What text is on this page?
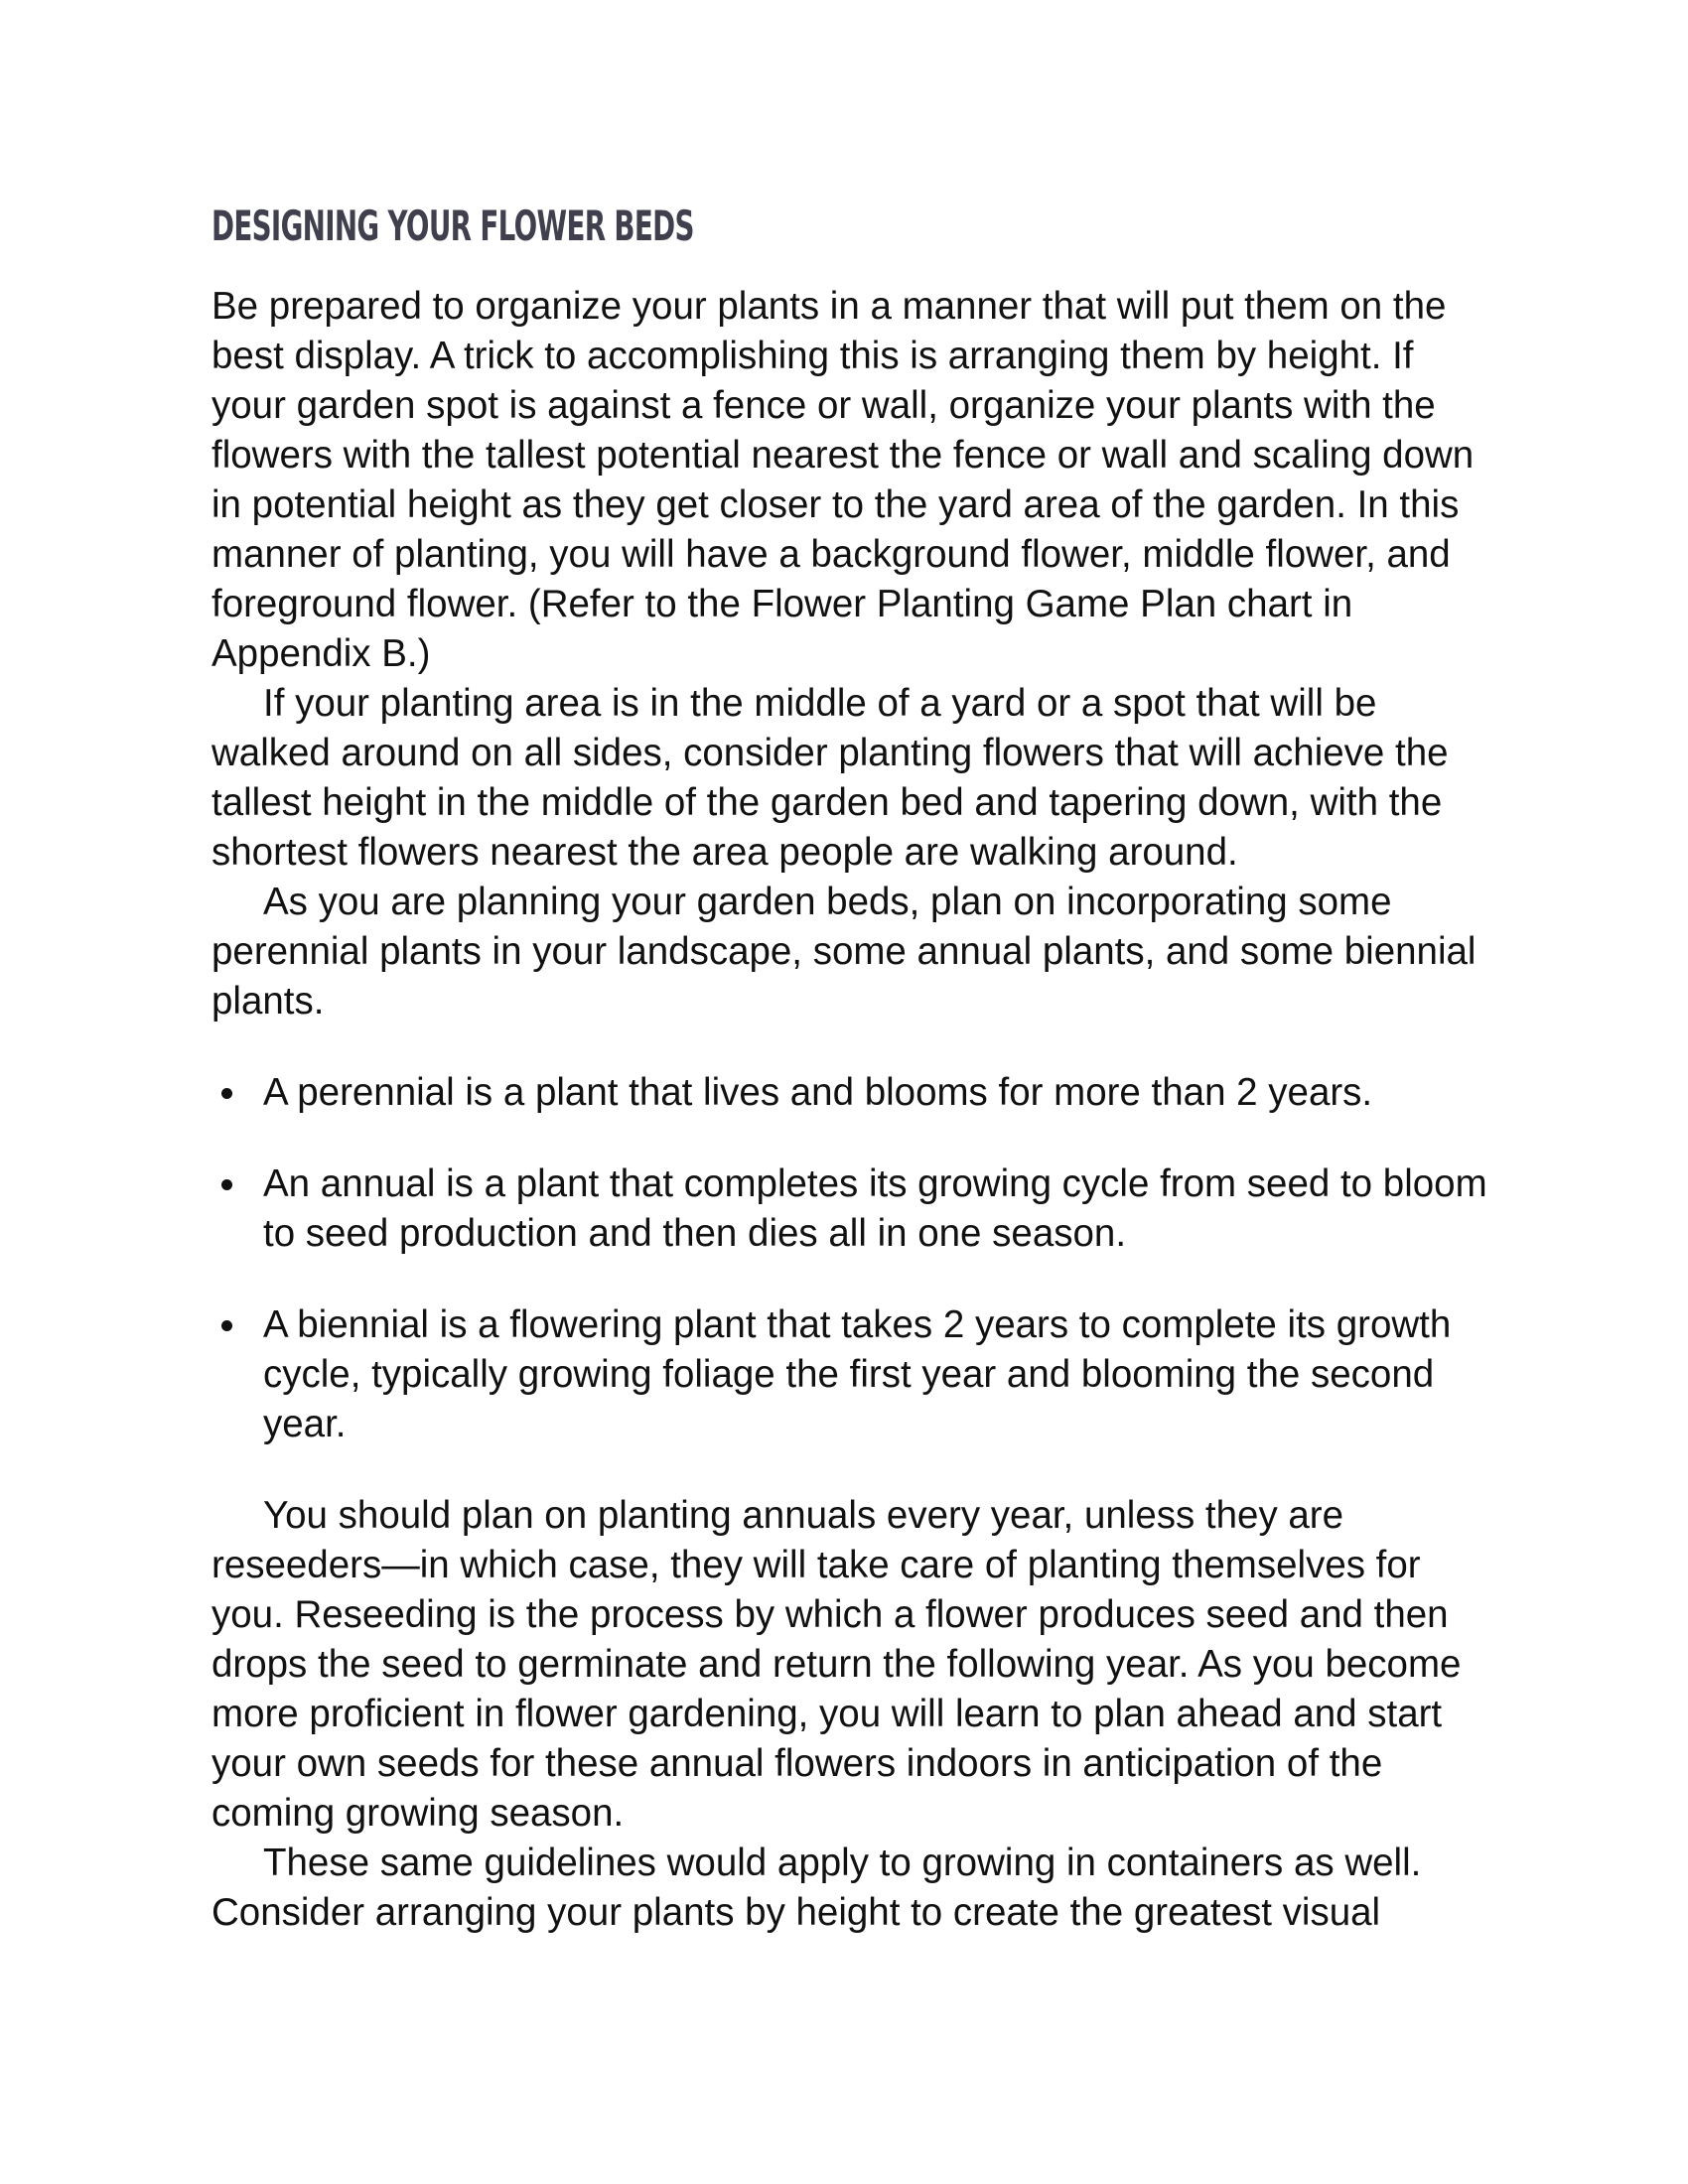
DESIGNING YOUR FLOWER BEDS

Be prepared to organize your plants in a manner that will put them on the best display. A trick to accomplishing this is arranging them by height. If your garden spot is against a fence or wall, organize your plants with the flowers with the tallest potential nearest the fence or wall and scaling down in potential height as they get closer to the yard area of the garden. In this manner of planting, you will have a background flower, middle flower, and foreground flower. (Refer to the Flower Planting Game Plan chart in Appendix B.)

If your planting area is in the middle of a yard or a spot that will be walked around on all sides, consider planting flowers that will achieve the tallest height in the middle of the garden bed and tapering down, with the shortest flowers nearest the area people are walking around.

As you are planning your garden beds, plan on incorporating some perennial plants in your landscape, some annual plants, and some biennial plants.

A perennial is a plant that lives and blooms for more than 2 years.
An annual is a plant that completes its growing cycle from seed to bloom to seed production and then dies all in one season.
A biennial is a flowering plant that takes 2 years to complete its growth cycle, typically growing foliage the first year and blooming the second year.

You should plan on planting annuals every year, unless they are reseeders—in which case, they will take care of planting themselves for you. Reseeding is the process by which a flower produces seed and then drops the seed to germinate and return the following year. As you become more proficient in flower gardening, you will learn to plan ahead and start your own seeds for these annual flowers indoors in anticipation of the coming growing season.

These same guidelines would apply to growing in containers as well. Consider arranging your plants by height to create the greatest visual
